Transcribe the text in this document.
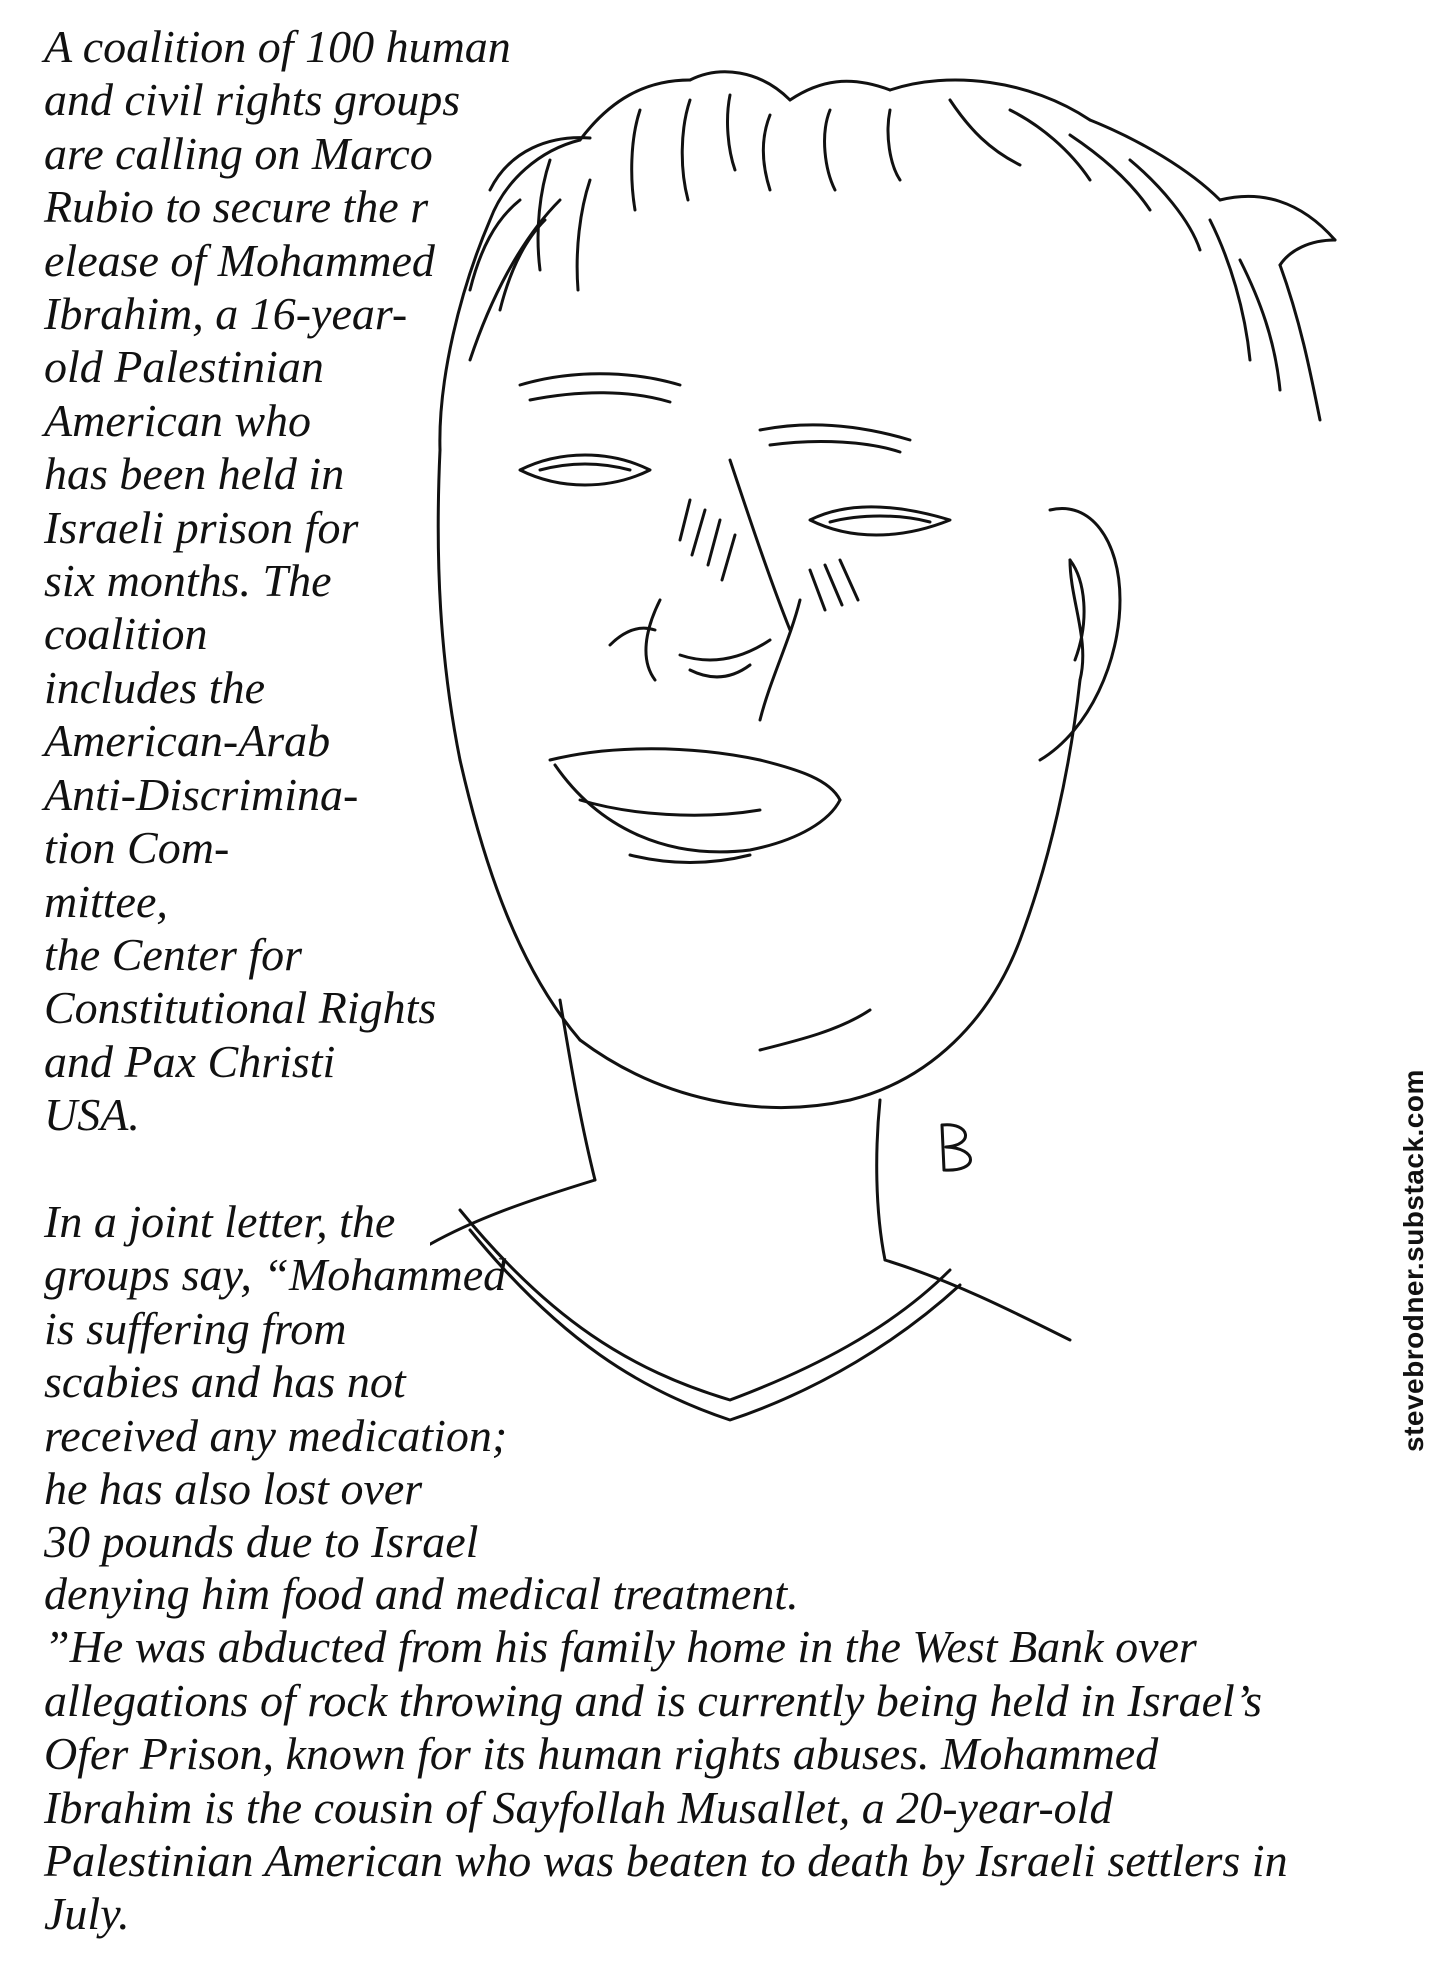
A coalition of 100 human
and civil rights groups
are calling on Marco
Rubio to secure the r
elease of Mohammed
Ibrahim, a 16-year-
old Palestinian
American who
has been held in
Israeli prison for
six months. The
coalition
includes the
American-Arab
Anti-Discrimina-
tion Com-
mittee,
the Center for
Constitutional Rights
and Pax Christi
USA.

In a joint letter, the
groups say, “Mohammed
is suffering from
scabies and has not
received any medication;
he has also lost over
30 pounds due to Israel

denying him food and medical treatment.
”He was abducted from his family home in the West Bank over
allegations of rock throwing and is currently being held in Israel’s
Ofer Prison, known for its human rights abuses. Mohammed
Ibrahim is the cousin of Sayfollah Musallet, a 20-year-old
Palestinian American who was beaten to death by Israeli settlers in
July.

stevebrodner.substack.com
